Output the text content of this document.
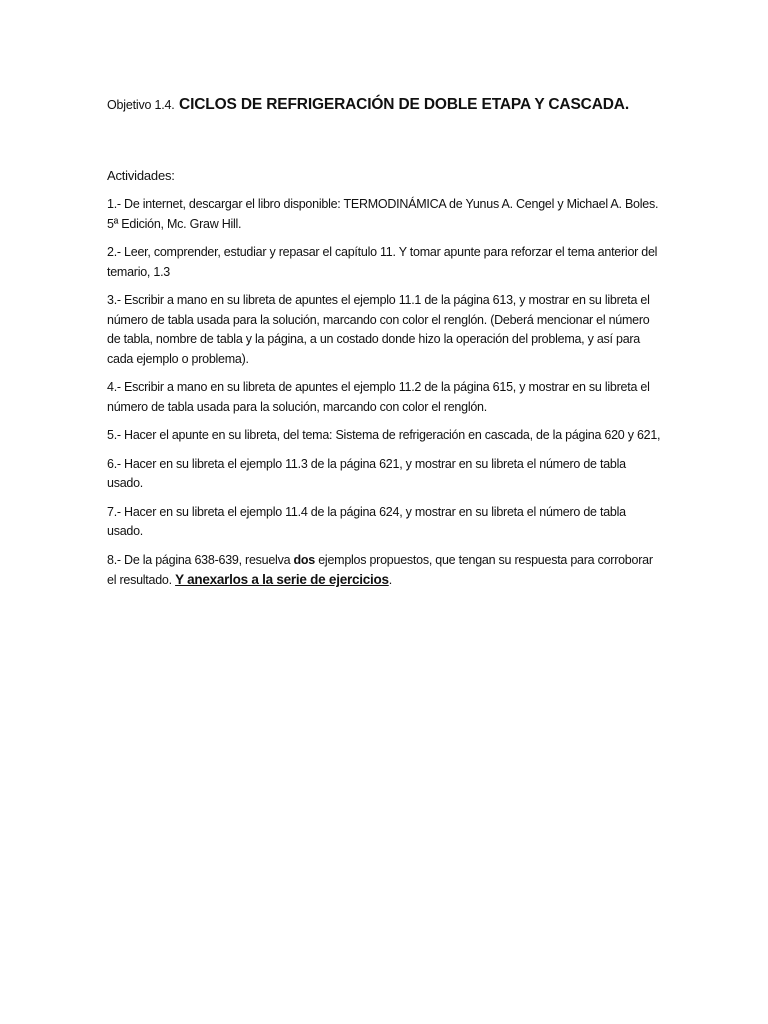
Objetivo 1.4. CICLOS DE REFRIGERACIÓN DE DOBLE ETAPA Y CASCADA.

Actividades:

1.- De internet, descargar el libro disponible: TERMODINÁMICA de Yunus A. Cengel y Michael A. Boles. 5ª Edición, Mc. Graw Hill.
2.- Leer, comprender, estudiar y repasar el capítulo 11. Y tomar apunte para reforzar el tema anterior del temario, 1.3
3.- Escribir a mano en su libreta de apuntes el ejemplo 11.1 de la página 613, y mostrar en su libreta el número de tabla usada para la solución, marcando con color el renglón. (Deberá mencionar el número de tabla, nombre de tabla y la página, a un costado donde hizo la operación del problema, y así para cada ejemplo o problema).
4.- Escribir a mano en su libreta de apuntes el ejemplo 11.2 de la página 615, y mostrar en su libreta el número de tabla usada para la solución, marcando con color el renglón.
5.- Hacer el apunte en su libreta, del tema: Sistema de refrigeración en cascada, de la página 620 y 621,
6.- Hacer en su libreta el ejemplo 11.3 de la página 621, y mostrar en su libreta el número de tabla usado.
7.- Hacer en su libreta el ejemplo 11.4 de la página 624, y mostrar en su libreta el número de tabla usado.
8.- De la página 638-639, resuelva dos ejemplos propuestos, que tengan su respuesta para corroborar el resultado. Y anexarlos a la serie de ejercicios.
